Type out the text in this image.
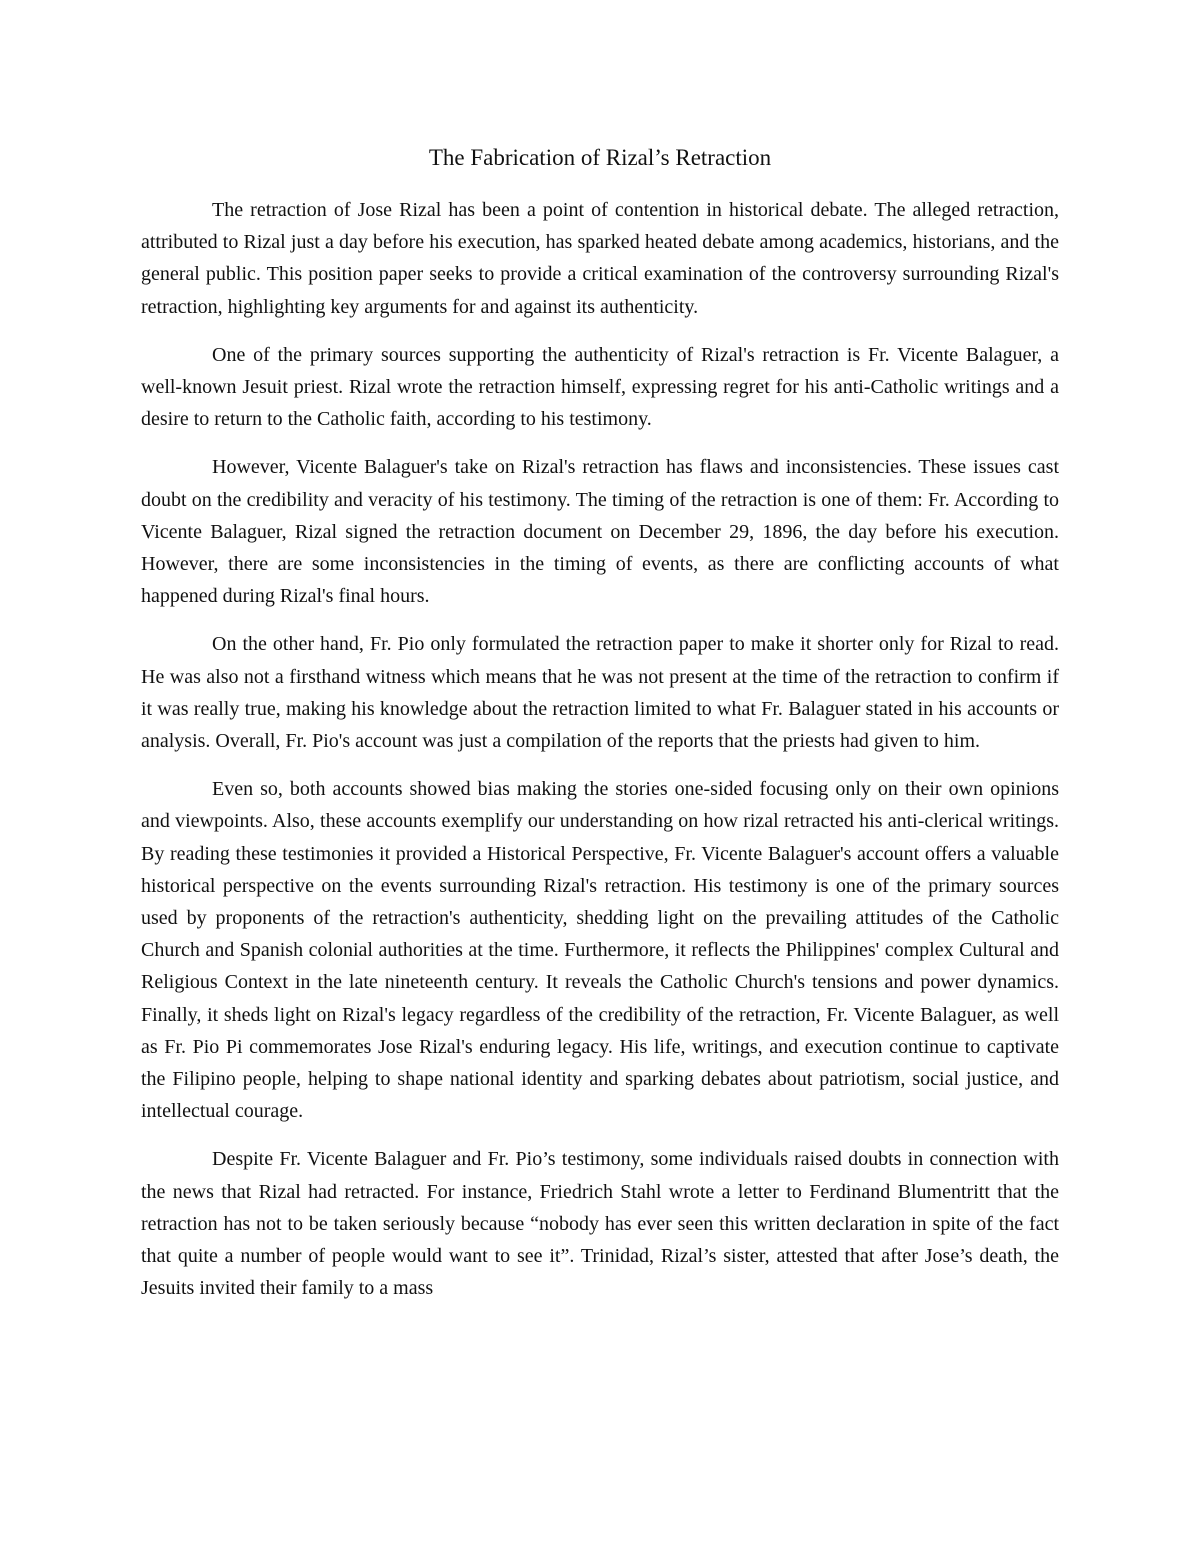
The Fabrication of Rizal’s Retraction

The retraction of Jose Rizal has been a point of contention in historical debate. The alleged retraction, attributed to Rizal just a day before his execution, has sparked heated debate among academics, historians, and the general public. This position paper seeks to provide a critical examination of the controversy surrounding Rizal's retraction, highlighting key arguments for and against its authenticity.

One of the primary sources supporting the authenticity of Rizal's retraction is Fr. Vicente Balaguer, a well-known Jesuit priest. Rizal wrote the retraction himself, expressing regret for his anti-Catholic writings and a desire to return to the Catholic faith, according to his testimony.

However, Vicente Balaguer's take on Rizal's retraction has flaws and inconsistencies. These issues cast doubt on the credibility and veracity of his testimony. The timing of the retraction is one of them: Fr. According to Vicente Balaguer, Rizal signed the retraction document on December 29, 1896, the day before his execution. However, there are some inconsistencies in the timing of events, as there are conflicting accounts of what happened during Rizal's final hours.

On the other hand, Fr. Pio only formulated the retraction paper to make it shorter only for Rizal to read. He was also not a firsthand witness which means that he was not present at the time of the retraction to confirm if it was really true, making his knowledge about the retraction limited to what Fr. Balaguer stated in his accounts or analysis. Overall, Fr. Pio's account was just a compilation of the reports that the priests had given to him.

Even so, both accounts showed bias making the stories one-sided focusing only on their own opinions and viewpoints. Also, these accounts exemplify our understanding on how rizal retracted his anti-clerical writings. By reading these testimonies it provided a Historical Perspective, Fr. Vicente Balaguer's account offers a valuable historical perspective on the events surrounding Rizal's retraction. His testimony is one of the primary sources used by proponents of the retraction's authenticity, shedding light on the prevailing attitudes of the Catholic Church and Spanish colonial authorities at the time. Furthermore, it reflects the Philippines' complex Cultural and Religious Context in the late nineteenth century. It reveals the Catholic Church's tensions and power dynamics. Finally, it sheds light on Rizal's legacy regardless of the credibility of the retraction, Fr. Vicente Balaguer, as well as Fr. Pio Pi commemorates Jose Rizal's enduring legacy. His life, writings, and execution continue to captivate the Filipino people, helping to shape national identity and sparking debates about patriotism, social justice, and intellectual courage.

Despite Fr. Vicente Balaguer and Fr. Pio’s testimony, some individuals raised doubts in connection with the news that Rizal had retracted. For instance, Friedrich Stahl wrote a letter to Ferdinand Blumentritt that the retraction has not to be taken seriously because “nobody has ever seen this written declaration in spite of the fact that quite a number of people would want to see it”. Trinidad, Rizal’s sister, attested that after Jose’s death, the Jesuits invited their family to a mass
